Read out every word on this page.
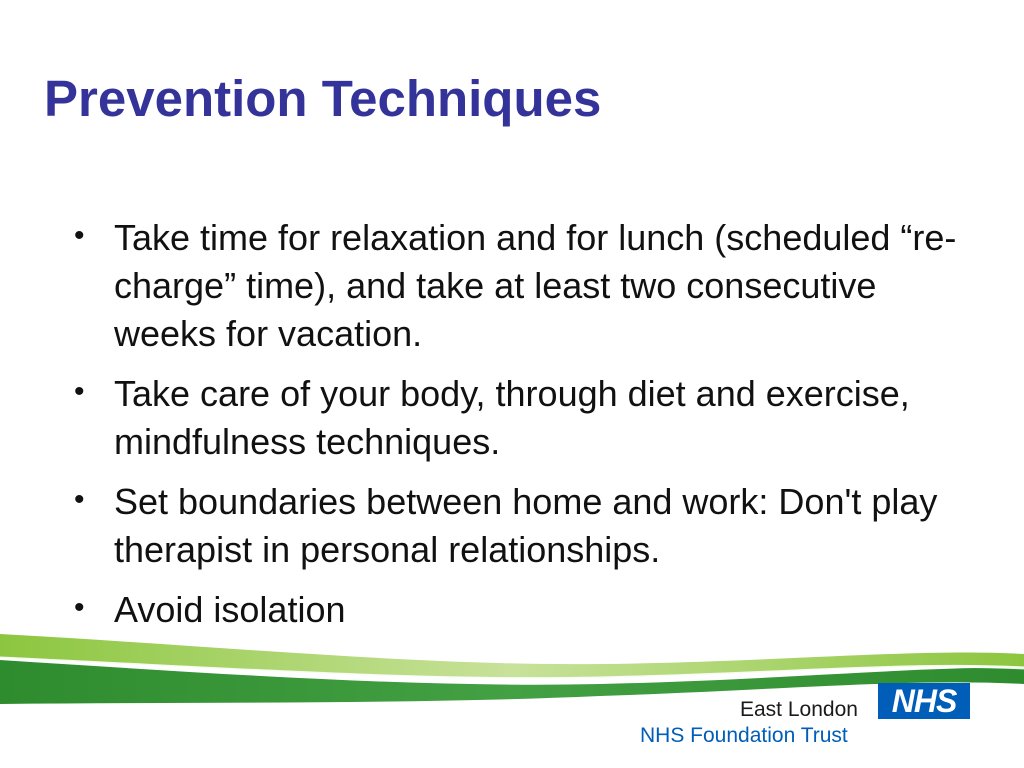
Prevention Techniques
• Take time for relaxation and for lunch (scheduled “re-charge” time), and take at least two consecutive weeks for vacation.
• Take care of your body, through diet and exercise, mindfulness techniques.
• Set boundaries between home and work: Don't play therapist in personal relationships.
• Avoid isolation
East London	NHS
NHS Foundation Trust
